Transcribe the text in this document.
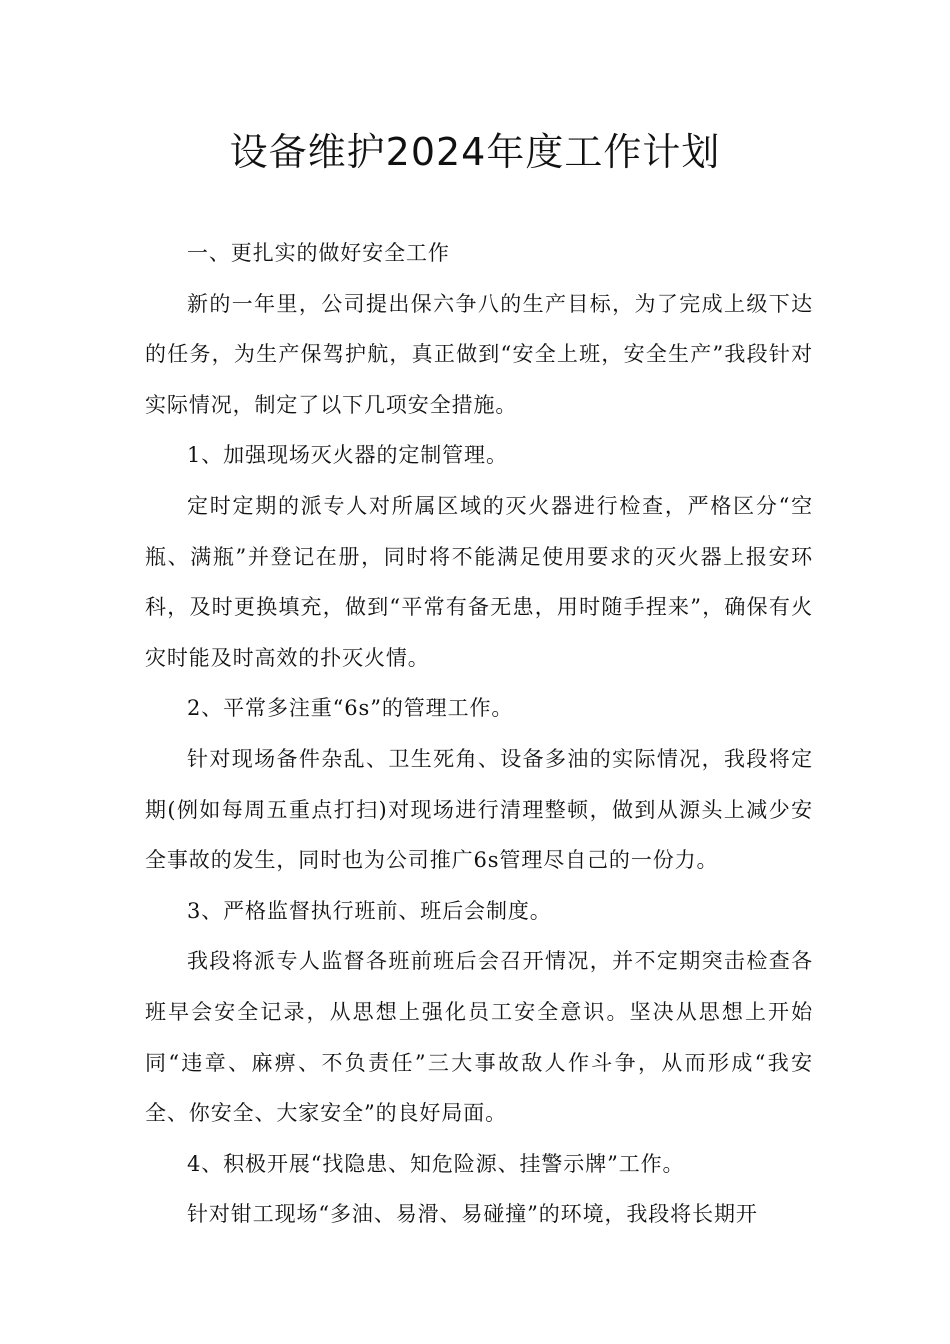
设备维护2024年度工作计划

一、更扎实的做好安全工作

新的一年里，公司提出保六争八的生产目标，为了完成上级下达的任务，为生产保驾护航，真正做到“安全上班，安全生产”我段针对实际情况，制定了以下几项安全措施。

1、加强现场灭火器的定制管理。

定时定期的派专人对所属区域的灭火器进行检查，严格区分“空瓶、满瓶”并登记在册，同时将不能满足使用要求的灭火器上报安环科，及时更换填充，做到“平常有备无患，用时随手捏来”，确保有火灾时能及时高效的扑灭火情。

2、平常多注重“6s”的管理工作。

针对现场备件杂乱、卫生死角、设备多油的实际情况，我段将定期(例如每周五重点打扫)对现场进行清理整顿，做到从源头上减少安全事故的发生，同时也为公司推广6s管理尽自己的一份力。

3、严格监督执行班前、班后会制度。

我段将派专人监督各班前班后会召开情况，并不定期突击检查各班早会安全记录，从思想上强化员工安全意识。坚决从思想上开始同“违章、麻痹、不负责任”三大事故敌人作斗争，从而形成“我安全、你安全、大家安全”的良好局面。

4、积极开展“找隐患、知危险源、挂警示牌”工作。

针对钳工现场“多油、易滑、易碰撞”的环境，我段将长期开
